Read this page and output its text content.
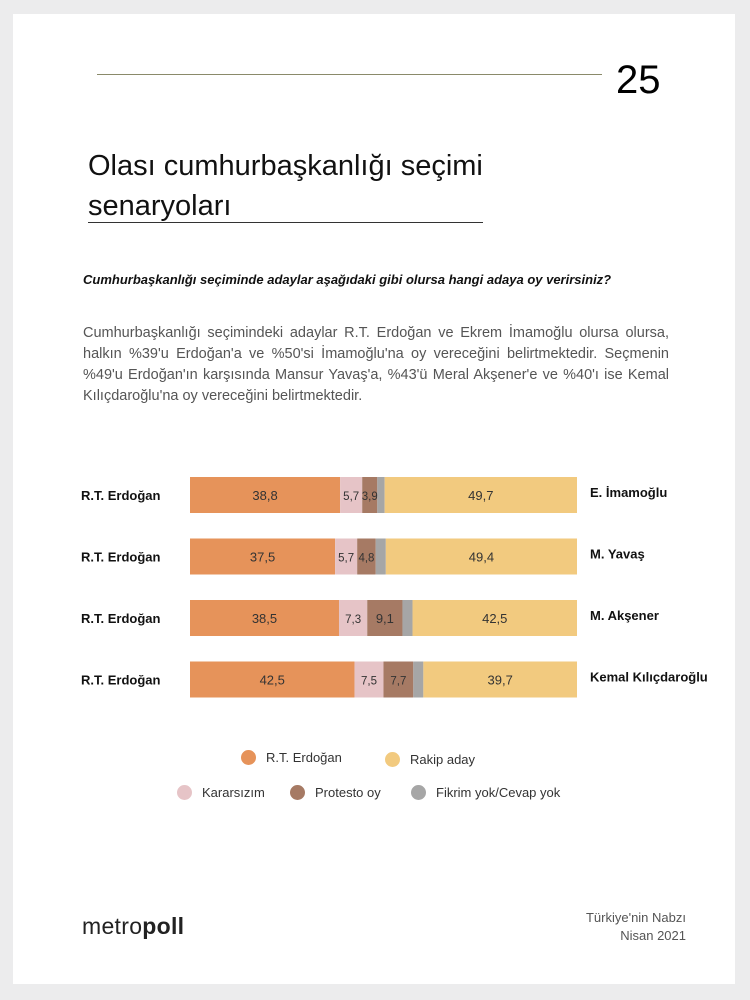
25
Olası cumhurbaşkanlığı seçimi senaryoları
Cumhurbaşkanlığı seçiminde adaylar aşağıdaki gibi olursa hangi adaya oy verirsiniz?
Cumhurbaşkanlığı seçimindeki adaylar R.T. Erdoğan ve Ekrem İmamoğlu olursa olursa, halkın %39'u Erdoğan'a ve %50'si İmamoğlu'na oy vereceğini belirtmektedir. Seçmenin %49'u Erdoğan'ın karşısında Mansur Yavaş'a, %43'ü Meral Akşener'e ve %40'ı ise Kemal Kılıçdaroğlu'na oy vereceğini belirtmektedir.
38,8	5,7 3,9	49,7
R.T. Erdoğan	E. İmamoğlu
37,5	5,7 4,8	49,4
R.T. Erdoğan	M. Yavaş
38,5	7,3 9,1	42,5
R.T. Erdoğan	M. Akşener
42,5	7,5 7,7	39,7
R.T. Erdoğan	Kemal Kılıçdaroğlu
R.T. Erdoğan	Rakip aday
Kararsızım	Protesto oy	Fikrim yok/Cevap yok
metropoll	Türkiye'nin Nabzı
Nisan 2021
